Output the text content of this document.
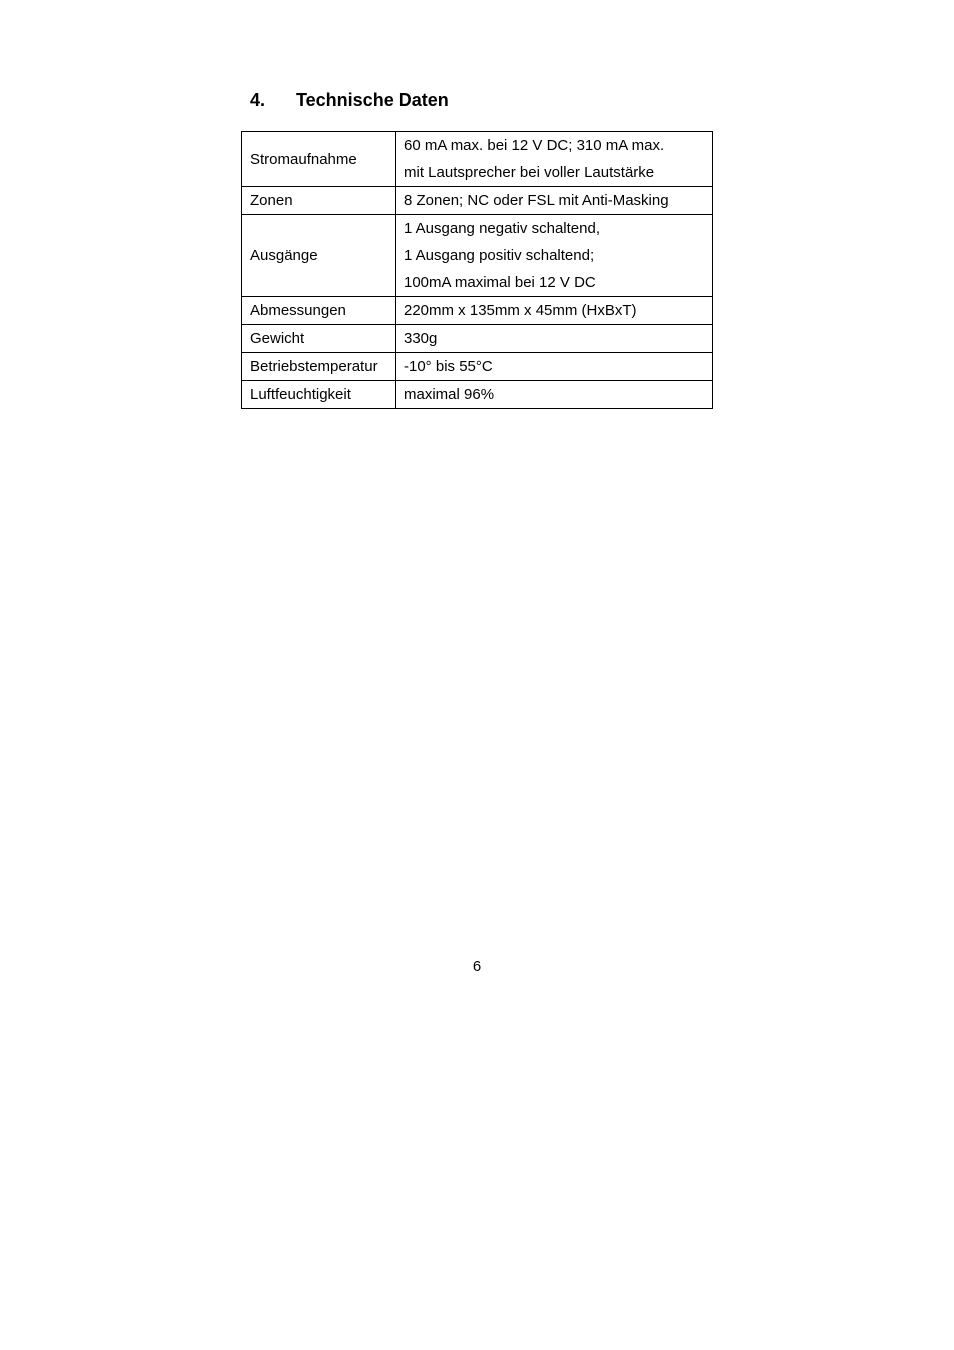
4. Technische Daten
Stromaufnahme	60 mA max. bei 12 V DC; 310 mA max.
mit Lautsprecher bei voller Lautstärke

Zonen	8 Zonen; NC oder FSL mit Anti-Masking

Ausgänge	1 Ausgang negativ schaltend,
1 Ausgang positiv schaltend;
100mA maximal bei 12 V DC

Abmessungen	220mm x 135mm x 45mm (HxBxT)

Gewicht	330g

Betriebstemperatur	-10° bis 55°C

Luftfeuchtigkeit	maximal 96%
6
